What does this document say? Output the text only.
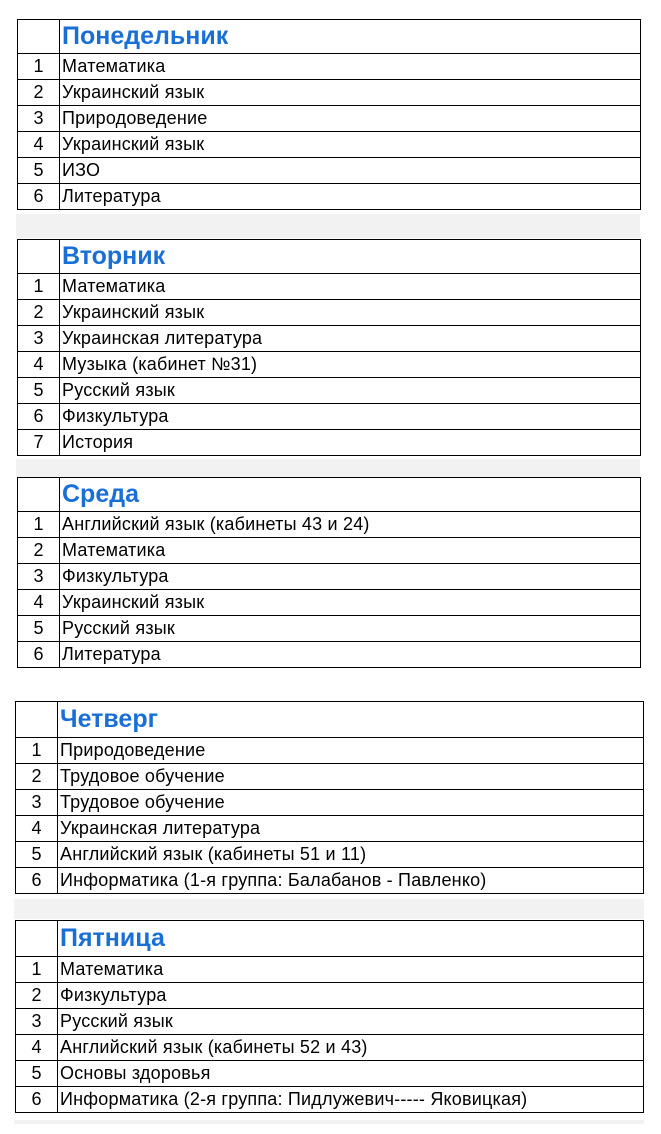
	Понедельник
1	Математика
2	Украинский язык
3	Природоведение
4	Украинский язык
5	ИЗО
6	Литература
	Вторник
1	Математика
2	Украинский язык
3	Украинская литература
4	Музыка (кабинет №31)
5	Русский язык
6	Физкультура
7	История
	Среда
1	Английский язык (кабинеты 43 и 24)
2	Математика
3	Физкультура
4	Украинский язык
5	Русский язык
6	Литература
	Четверг
1	Природоведение
2	Трудовое обучение
3	Трудовое обучение
4	Украинская литература
5	Английский язык (кабинеты 51 и 11)
6	Информатика (1-я группа: Балабанов - Павленко)
	Пятница
1	Математика
2	Физкультура
3	Русский язык
4	Английский язык (кабинеты 52 и 43)
5	Основы здоровья
6	Информатика (2-я группа: Пидлужевич----- Яковицкая)
